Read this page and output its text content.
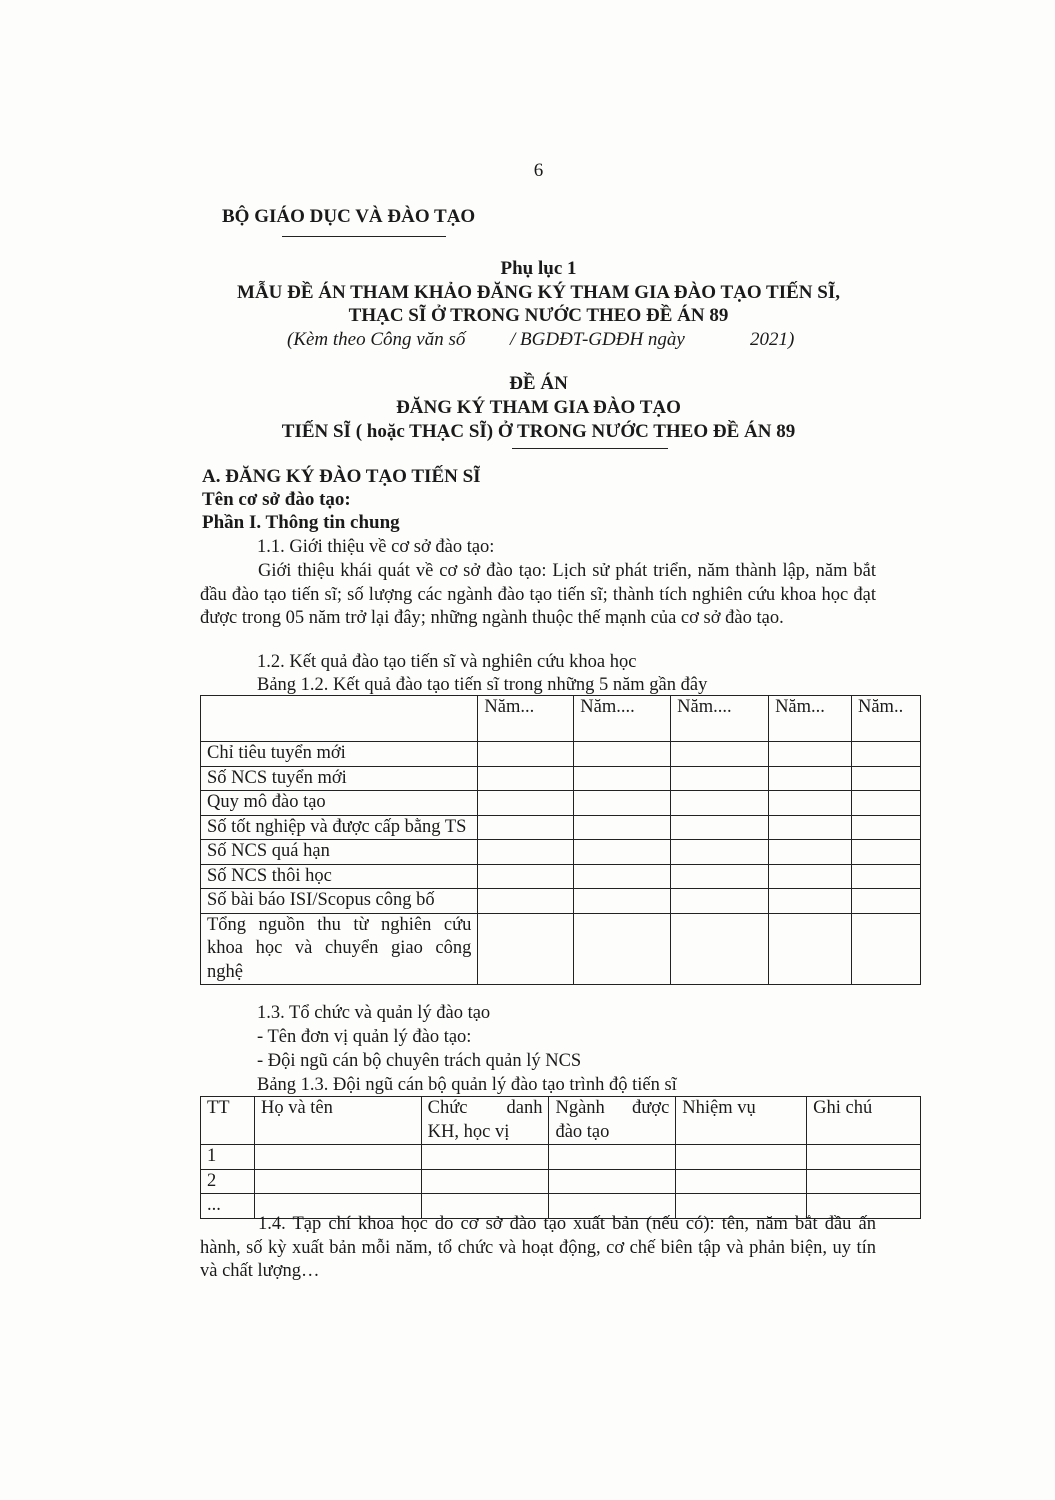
6
BỘ GIÁO DỤC VÀ ĐÀO TẠO
Phụ lục 1
MẪU ĐỀ ÁN THAM KHẢO ĐĂNG KÝ THAM GIA ĐÀO TẠO TIẾN SĨ,
THẠC SĨ Ở TRONG NƯỚC THEO ĐỀ ÁN 89
(Kèm theo Công văn số / BGDĐT-GDĐH ngày	2021)
ĐỀ ÁN
ĐĂNG KÝ THAM GIA ĐÀO TẠO
TIẾN SĨ ( hoặc THẠC SĨ) Ở TRONG NƯỚC THEO ĐỀ ÁN 89
A. ĐĂNG KÝ ĐÀO TẠO TIẾN SĨ
Tên cơ sở đào tạo:
Phần I. Thông tin chung
1.1. Giới thiệu về cơ sở đào tạo:
Giới thiệu khái quát về cơ sở đào tạo: Lịch sử phát triển, năm thành lập, năm bắt đầu đào tạo tiến sĩ; số lượng các ngành đào tạo tiến sĩ; thành tích nghiên cứu khoa học đạt được trong 05 năm trở lại đây; những ngành thuộc thế mạnh của cơ sở đào tạo.
1.2. Kết quả đào tạo tiến sĩ và nghiên cứu khoa học
Bảng 1.2. Kết quả đào tạo tiến sĩ trong những 5 năm gần đây
	Năm...	Năm....	Năm....	Năm...	Năm..
Chỉ tiêu tuyển mới					
Số NCS tuyển mới					
Quy mô đào tạo					
Số tốt nghiệp và được cấp bằng TS					
Số NCS quá hạn					
Số NCS thôi học					
Số bài báo ISI/Scopus công bố					
Tổng nguồn thu từ nghiên cứu khoa học và chuyển giao công nghệ					
1.3. Tổ chức và quản lý đào tạo
- Tên đơn vị quản lý đào tạo:
- Đội ngũ cán bộ chuyên trách quản lý NCS
Bảng 1.3. Đội ngũ cán bộ quản lý đào tạo trình độ tiến sĩ
TT	Họ và tên	Chức danh KH, học vị	Ngành được đào tạo	Nhiệm vụ	Ghi chú
1					
2					
...					
1.4. Tạp chí khoa học do cơ sở đào tạo xuất bản (nếu có): tên, năm bắt đầu ấn hành, số kỳ xuất bản mỗi năm, tổ chức và hoạt động, cơ chế biên tập và phản biện, uy tín và chất lượng…
